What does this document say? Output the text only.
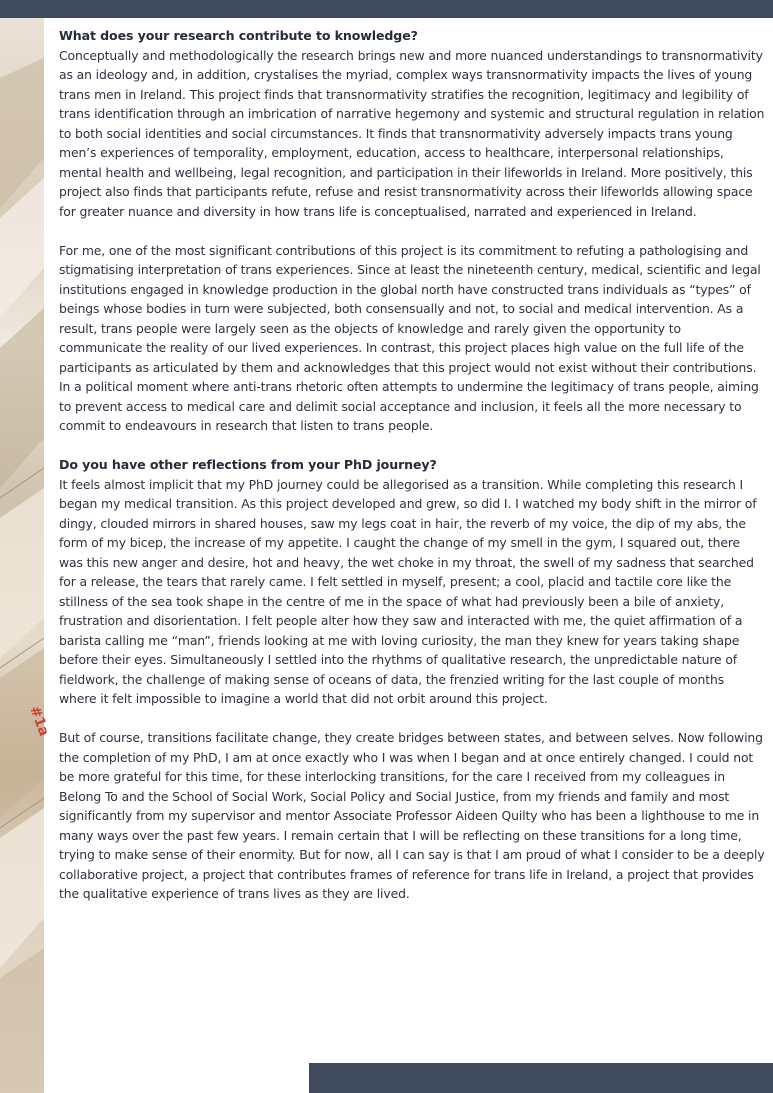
#1a
What does your research contribute to knowledge?

Conceptually and methodologically the research brings new and more nuanced understandings to transnormativity as an ideology and, in addition, crystalises the myriad, complex ways transnormativity impacts the lives of young trans men in Ireland. This project finds that transnormativity stratifies the recognition, legitimacy and legibility of trans identification through an imbrication of narrative hegemony and systemic and structural regulation in relation to both social identities and social circumstances. It finds that transnormativity adversely impacts trans young men’s experiences of temporality, employment, education, access to healthcare, interpersonal relationships, mental health and wellbeing, legal recognition, and participation in their lifeworlds in Ireland. More positively, this project also finds that participants refute, refuse and resist transnormativity across their lifeworlds allowing space for greater nuance and diversity in how trans life is conceptualised, narrated and experienced in Ireland.

For me, one of the most significant contributions of this project is its commitment to refuting a pathologising and stigmatising interpretation of trans experiences. Since at least the nineteenth century, medical, scientific and legal institutions engaged in knowledge production in the global north have constructed trans individuals as “types” of beings whose bodies in turn were subjected, both consensually and not, to social and medical intervention. As a result, trans people were largely seen as the objects of knowledge and rarely given the opportunity to communicate the reality of our lived experiences. In contrast, this project places high value on the full life of the participants as articulated by them and acknowledges that this project would not exist without their contributions. In a political moment where anti-trans rhetoric often attempts to undermine the legitimacy of trans people, aiming to prevent access to medical care and delimit social acceptance and inclusion, it feels all the more necessary to commit to endeavours in research that listen to trans people.

Do you have other reflections from your PhD journey?

It feels almost implicit that my PhD journey could be allegorised as a transition. While completing this research I began my medical transition. As this project developed and grew, so did I. I watched my body shift in the mirror of dingy, clouded mirrors in shared houses, saw my legs coat in hair, the reverb of my voice, the dip of my abs, the form of my bicep, the increase of my appetite. I caught the change of my smell in the gym, I squared out, there was this new anger and desire, hot and heavy, the wet choke in my throat, the swell of my sadness that searched for a release, the tears that rarely came. I felt settled in myself, present; a cool, placid and tactile core like the stillness of the sea took shape in the centre of me in the space of what had previously been a bile of anxiety, frustration and disorientation. I felt people alter how they saw and interacted with me, the quiet affirmation of a barista calling me “man”, friends looking at me with loving curiosity, the man they knew for years taking shape before their eyes. Simultaneously I settled into the rhythms of qualitative research, the unpredictable nature of fieldwork, the challenge of making sense of oceans of data, the frenzied writing for the last couple of months where it felt impossible to imagine a world that did not orbit around this project.

But of course, transitions facilitate change, they create bridges between states, and between selves. Now following the completion of my PhD, I am at once exactly who I was when I began and at once entirely changed. I could not be more grateful for this time, for these interlocking transitions, for the care I received from my colleagues in Belong To and the School of Social Work, Social Policy and Social Justice, from my friends and family and most significantly from my supervisor and mentor Associate Professor Aideen Quilty who has been a lighthouse to me in many ways over the past few years. I remain certain that I will be reflecting on these transitions for a long time, trying to make sense of their enormity. But for now, all I can say is that I am proud of what I consider to be a deeply collaborative project, a project that contributes frames of reference for trans life in Ireland, a project that provides the qualitative experience of trans lives as they are lived.
